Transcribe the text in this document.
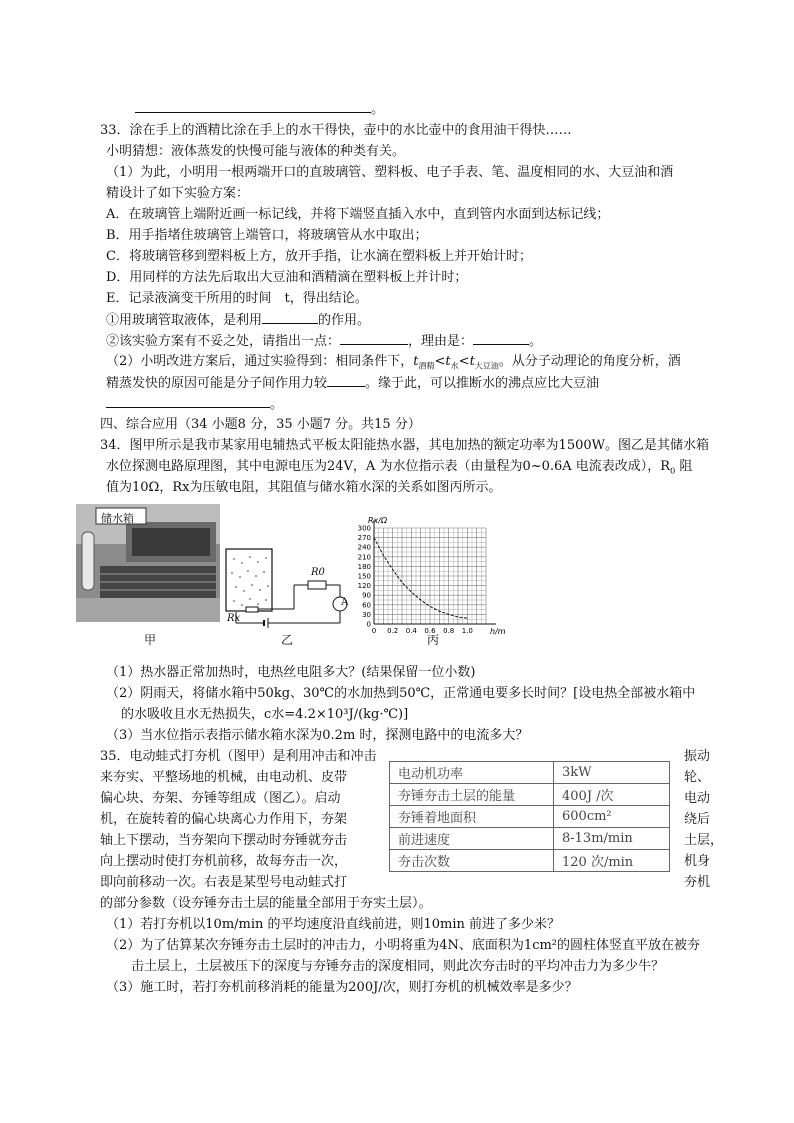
。
33．涂在手上的酒精比涂在手上的水干得快，壶中的水比壶中的食用油干得快……
小明猜想：液体蒸发的快慢可能与液体的种类有关。
（1）为此，小明用一根两端开口的直玻璃管、塑料板、电子手表、笔、温度相同的水、大豆油和酒
精设计了如下实验方案：
A．在玻璃管上端附近画一标记线，并将下端竖直插入水中，直到管内水面到达标记线；
B．用手指堵住玻璃管上端管口，将玻璃管从水中取出；
C．将玻璃管移到塑料板上方，放开手指，让水滴在塑料板上并开始计时；
D．用同样的方法先后取出大豆油和酒精滴在塑料板上并计时；
E．记录液滴变干所用的时间　t，得出结论。
①用玻璃管取液体，是利用	的作用。
②该实验方案有不妥之处，请指出一点：	，理由是：	。
（2）小明改进方案后，通过实验得到：相同条件下，$t_{酒精}<t_水<t_{大豆油}$。从分子动理论的角度分析，酒
精蒸发快的原因可能是分子间作用力较	。缘于此，可以推断水的沸点应比大豆油
。
四、综合应用（34 小题8 分，35 小题7 分。共15 分）
34．图甲所示是我市某家用电辅热式平板太阳能热水器，其电加热的额定功率为1500W。图乙是其储水箱
水位探测电路原理图，其中电源电压为24V，A 为水位指示表（由量程为0~0.6A 电流表改成），$R_0$ 阻
值为10Ω，Rx为压敏电阻，其阻值与储水箱水深的关系如图丙所示。
储水箱
甲
A
R0
Rx
乙
0
30
60
90
120
150
180
210
240
270
300
0 0.2 0.4 0.6 0.8 1.0
Rx/Ω
h/m
丙
（1）热水器正常加热时，电热丝电阻多大？(结果保留一位小数)
（2）阴雨天，将储水箱中50kg、30℃的水加热到50℃，正常通电要多长时间？[设电热全部被水箱中
的水吸收且水无热损失，c水=4.2×10³J/(kg·℃)]
（3）当水位指示表指示储水箱水深为0.2m 时，探测电路中的电流多大？
35．电动蛙式打夯机（图甲）是利用冲击和冲击
来夯实、平整场地的机械，由电动机、皮带
偏心块、夯架、夯锤等组成（图乙）。启动
机，在旋转着的偏心块离心力作用下，夯架
轴上下摆动，当夯架向下摆动时夯锤就夯击
向上摆动时使打夯机前移，故每夯击一次，
即向前移动一次。右表是某型号电动蛙式打
振动
轮、
电动
绕后
土层，
机身
夯机
电动机功率	3kW
夯锤夯击土层的能量	400J /次
夯锤着地面积	600cm²
前进速度	8-13m/min
夯击次数	120 次/min
的部分参数（设夯锤夯击土层的能量全部用于夯实土层）。
（1）若打夯机以10m/min 的平均速度沿直线前进，则10min 前进了多少米？
（2）为了估算某次夯锤夯击土层时的冲击力，小明将重为4N、底面积为1cm²的圆柱体竖直平放在被夯
击土层上，土层被压下的深度与夯锤夯击的深度相同，则此次夯击时的平均冲击力为多少牛？
（3）施工时，若打夯机前移消耗的能量为200J/次，则打夯机的机械效率是多少？
